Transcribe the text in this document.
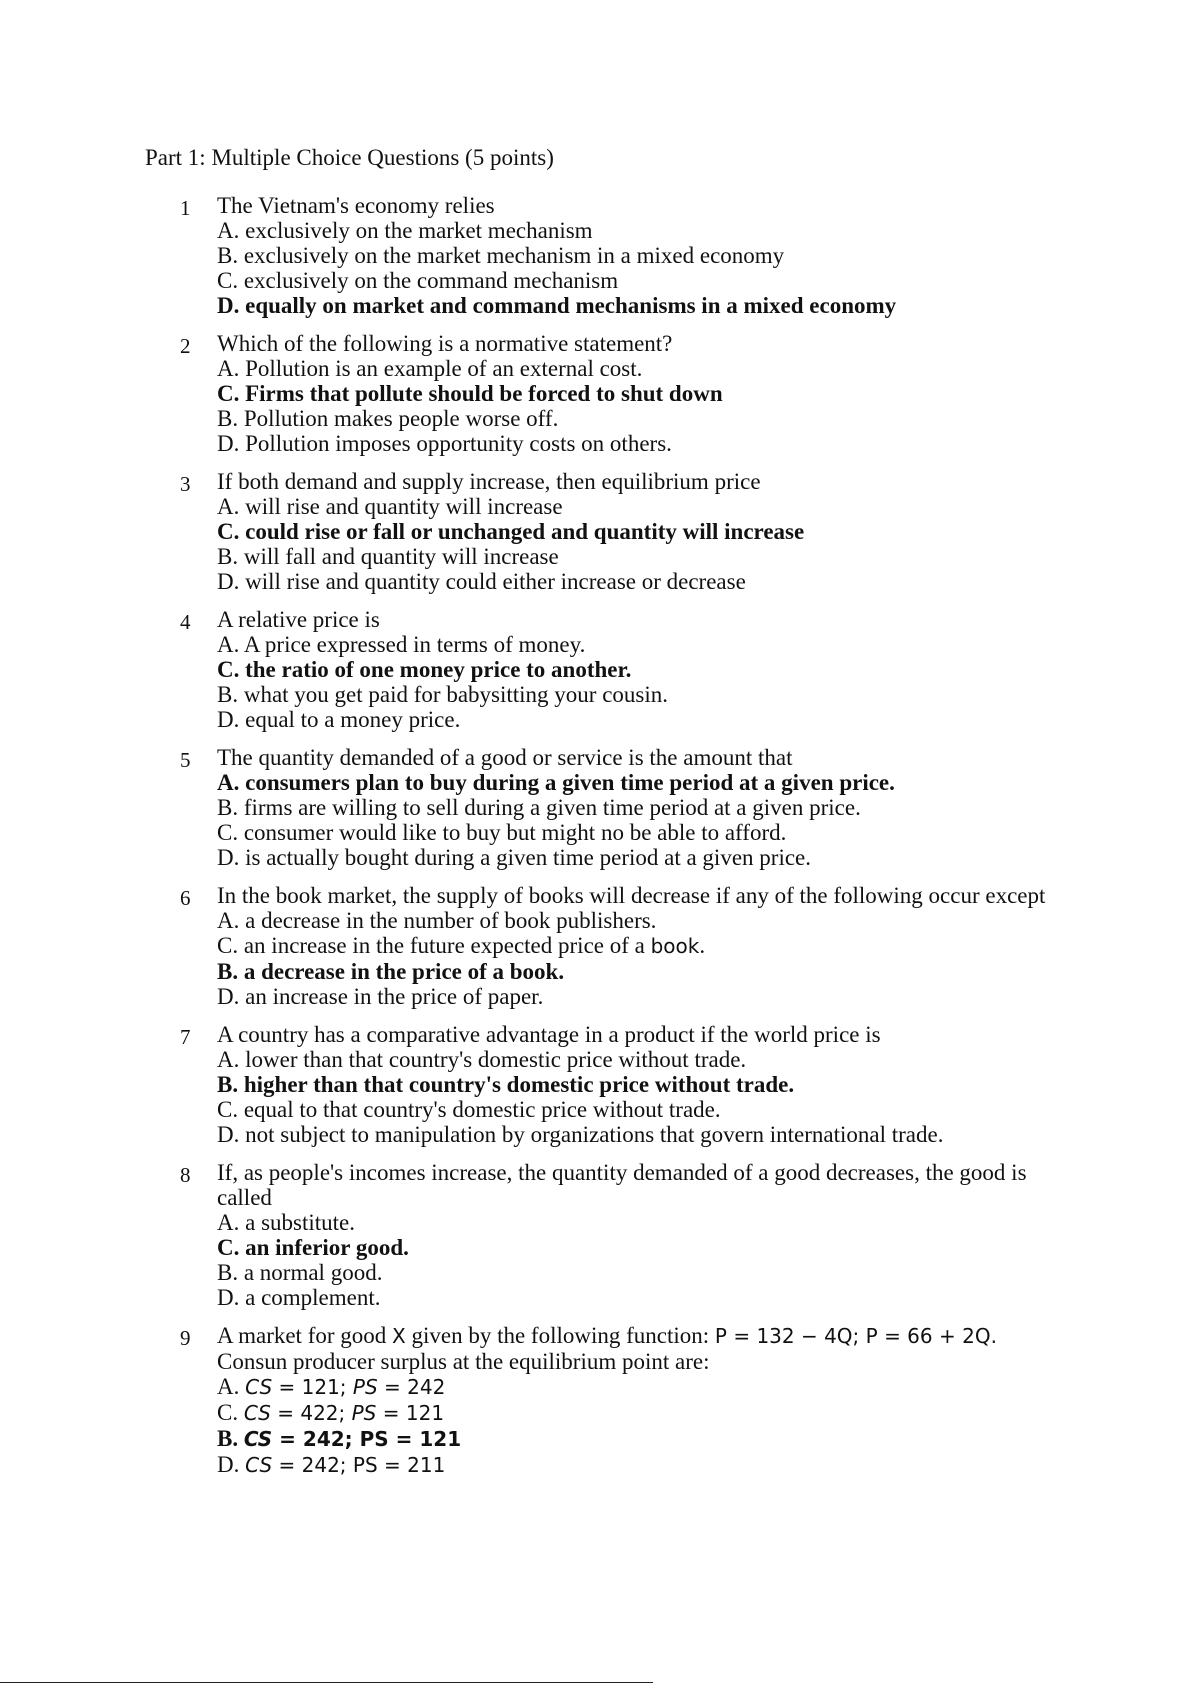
Part 1: Multiple Choice Questions (5 points)
1 The Vietnam's economy relies
A. exclusively on the market mechanism
B. exclusively on the market mechanism in a mixed economy
C. exclusively on the command mechanism
D. equally on market and command mechanisms in a mixed economy
2 Which of the following is a normative statement?
A. Pollution is an example of an external cost.
C. Firms that pollute should be forced to shut down
B. Pollution makes people worse off.
D. Pollution imposes opportunity costs on others.
3 If both demand and supply increase, then equilibrium price
A. will rise and quantity will increase
C. could rise or fall or unchanged and quantity will increase
B. will fall and quantity will increase
D. will rise and quantity could either increase or decrease
4 A relative price is
A. A price expressed in terms of money.
C. the ratio of one money price to another.
B. what you get paid for babysitting your cousin.
D. equal to a money price.
5 The quantity demanded of a good or service is the amount that
A. consumers plan to buy during a given time period at a given price.
B. firms are willing to sell during a given time period at a given price.
C. consumer would like to buy but might no be able to afford.
D. is actually bought during a given time period at a given price.
6 In the book market, the supply of books will decrease if any of the following occur except
A. a decrease in the number of book publishers.
C. an increase in the future expected price of a book.
B. a decrease in the price of a book.
D. an increase in the price of paper.
7 A country has a comparative advantage in a product if the world price is
A. lower than that country's domestic price without trade.
B. higher than that country's domestic price without trade.
C. equal to that country's domestic price without trade.
D. not subject to manipulation by organizations that govern international trade.
8 If, as people's incomes increase, the quantity demanded of a good decreases, the good is called
A. a substitute.
C. an inferior good.
B. a normal good.
D. a complement.
9 A market for good X given by the following function: P = 132 − 4Q; P = 66 + 2Q.
Consun producer surplus at the equilibrium point are:
A. CS = 121; PS = 242
C. CS = 422; PS = 121
B. CS = 242; PS = 121
D. CS = 242; PS = 211
